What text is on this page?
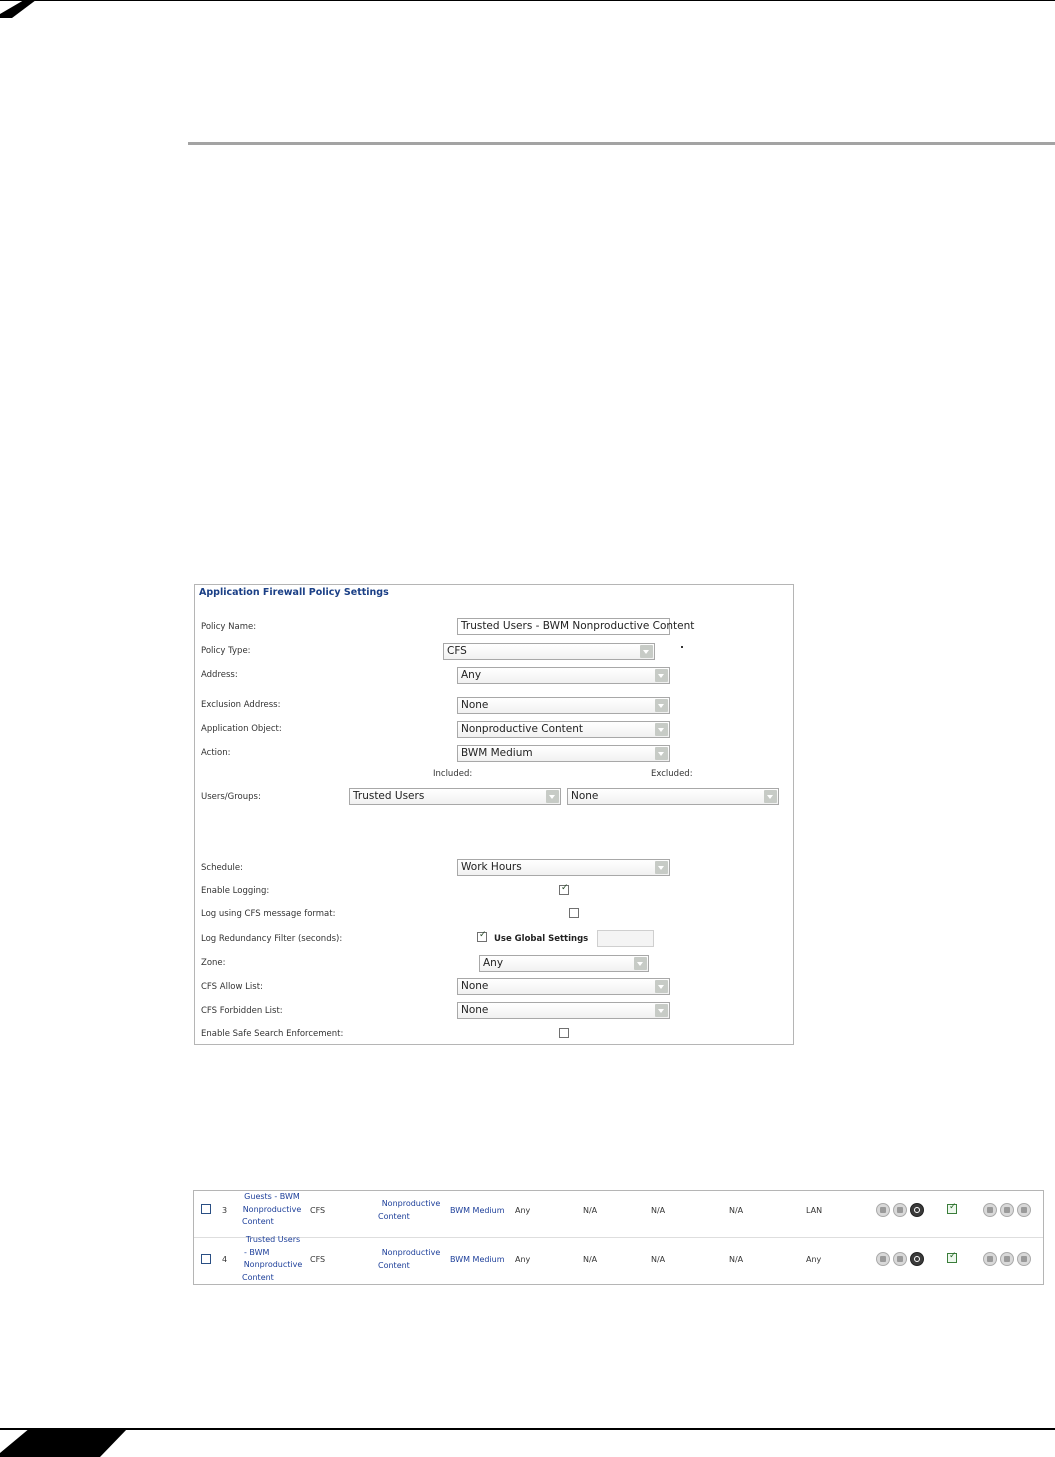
Application Firewall Policy Settings
Policy Name:	Trusted Users - BWM Nonproductive Content
Policy Type:	CFS
Address:	Any
Exclusion Address:	None
Application Object:	Nonproductive Content
Action:	BWM Medium
Included:	Excluded:
Users/Groups:	Trusted Users	None
Schedule:	Work Hours
Enable Logging:
✓
Log using CFS message format:
Log Redundancy Filter (seconds):
✓	Use Global Settings
Zone:	Any
CFS Allow List:	None
CFS Forbidden List:	None
Enable Safe Search Enforcement:
3
Guests - BWM
Nonproductive
Content
CFS
Nonproductive
Content
BWM Medium Any	N/A	N/A	N/A	LAN
✓
4
Trusted Users
- BWM
Nonproductive
Content
CFS
Nonproductive
Content
BWM Medium Any	N/A	N/A	N/A	Any
✓
